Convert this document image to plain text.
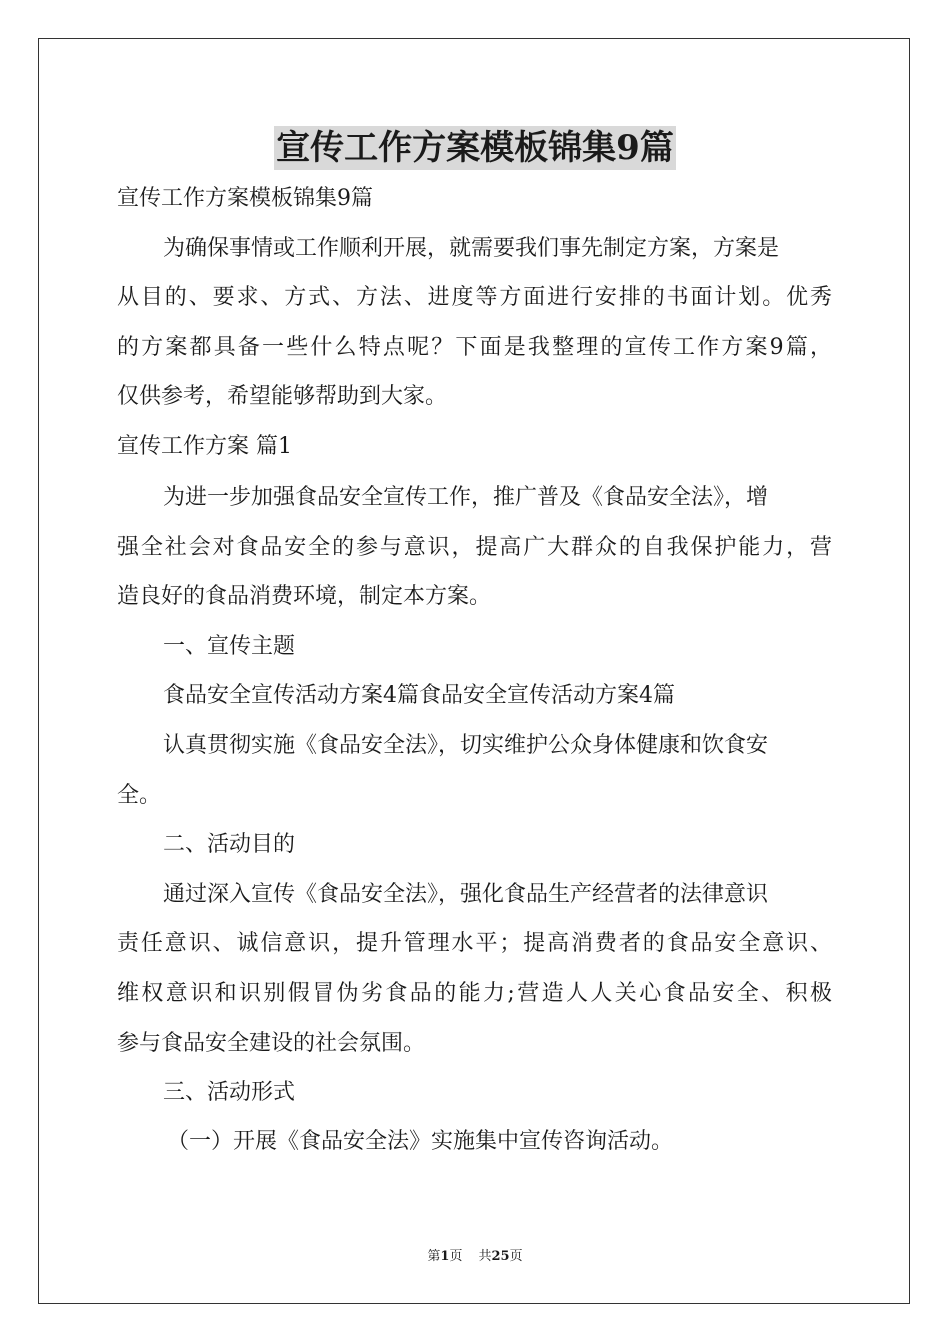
宣传工作方案模板锦集9篇
宣传工作方案模板锦集9篇
为确保事情或工作顺利开展，就需要我们事先制定方案，方案是
从目的、要求、方式、方法、进度等方面进行安排的书面计划。优秀
的方案都具备一些什么特点呢？下面是我整理的宣传工作方案9篇，
仅供参考，希望能够帮助到大家。
宣传工作方案 篇1
为进一步加强食品安全宣传工作，推广普及《食品安全法》，增
强全社会对食品安全的参与意识，提高广大群众的自我保护能力，营
造良好的食品消费环境，制定本方案。
一、宣传主题
食品安全宣传活动方案4篇食品安全宣传活动方案4篇
认真贯彻实施《食品安全法》，切实维护公众身体健康和饮食安
全。
二、活动目的
通过深入宣传《食品安全法》，强化食品生产经营者的法律意识
责任意识、诚信意识，提升管理水平；提高消费者的食品安全意识、
维权意识和识别假冒伪劣食品的能力;营造人人关心食品安全、积极
参与食品安全建设的社会氛围。
三、活动形式
（一）开展《食品安全法》实施集中宣传咨询活动。
第1页 共25页
